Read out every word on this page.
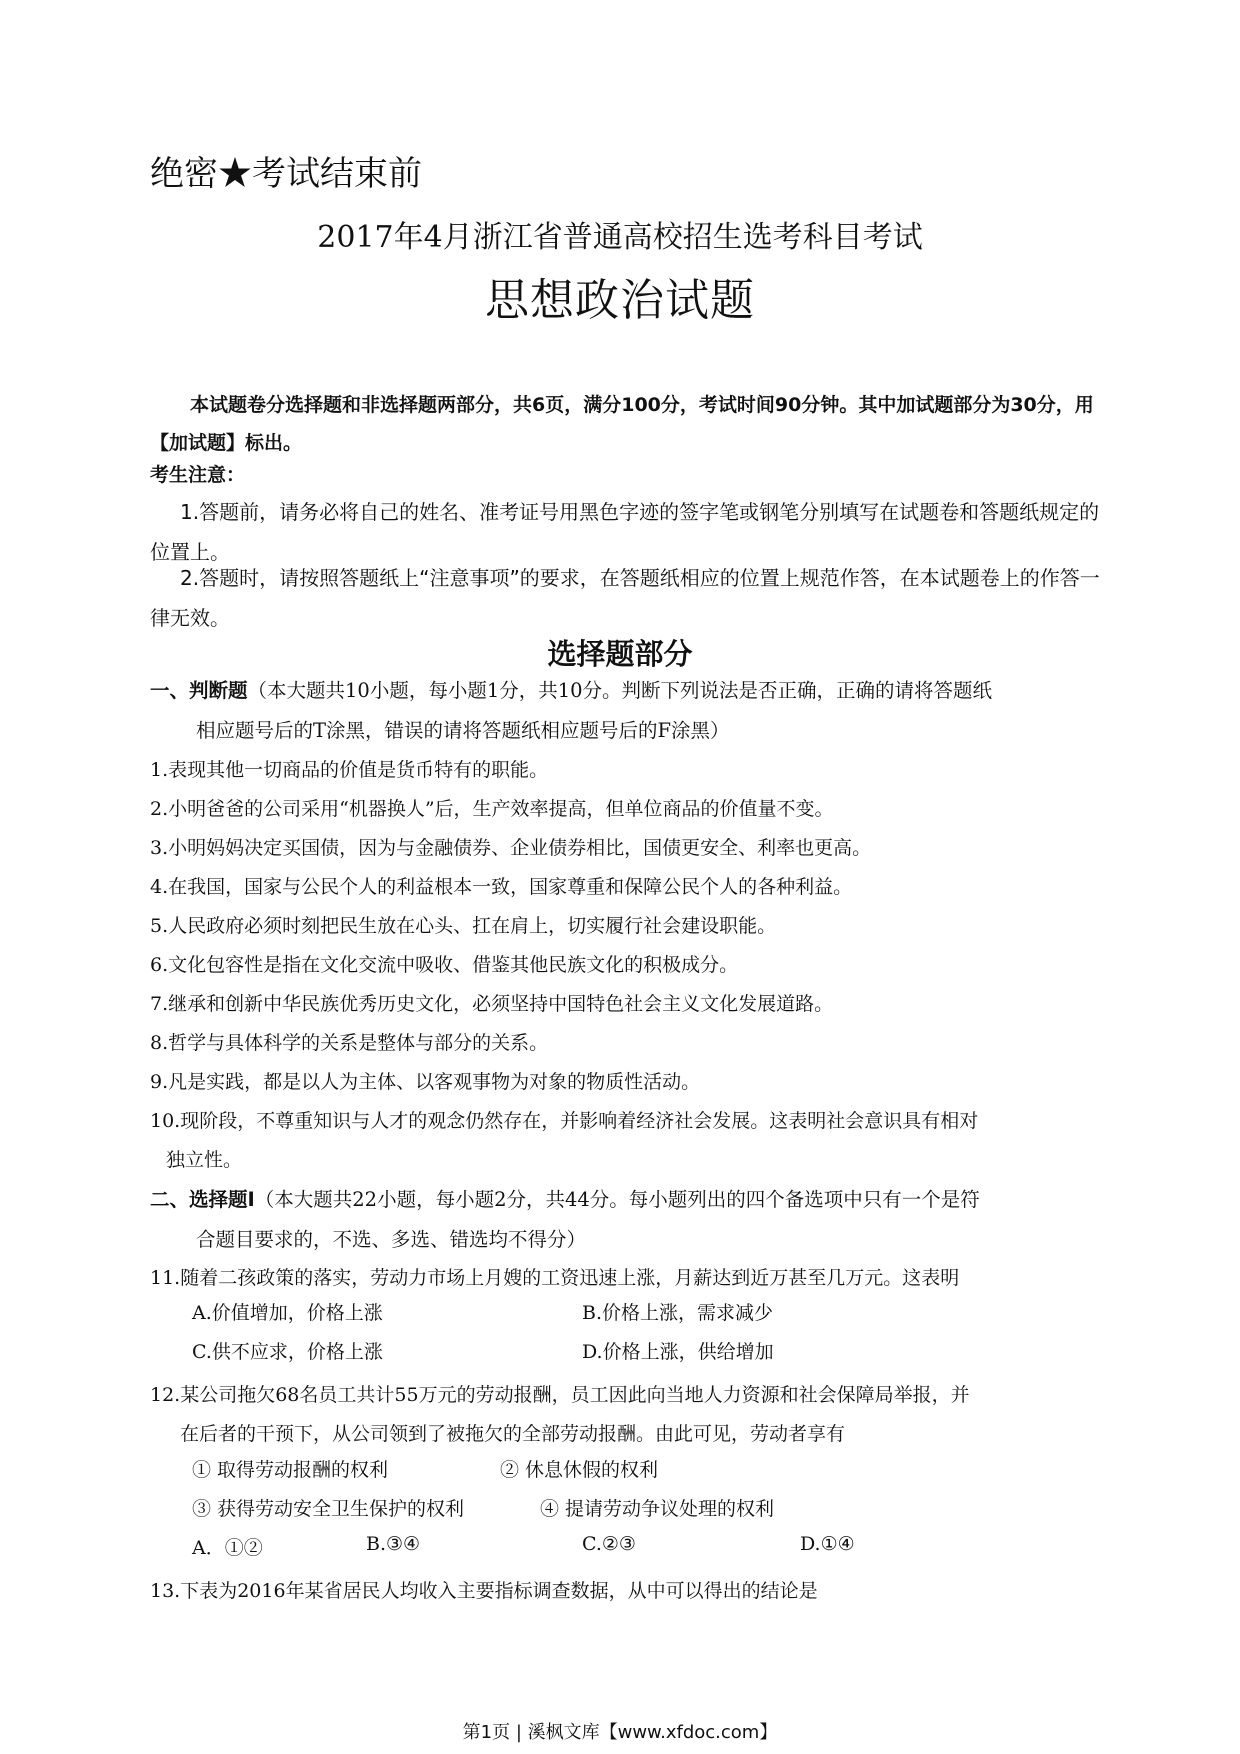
绝密★考试结束前
2017年4月浙江省普通高校招生选考科目考试
思想政治试题
本试题卷分选择题和非选择题两部分，共6页，满分100分，考试时间90分钟。其中加试题部分为30分，用【加试题】标出。
考生注意：
1.答题前，请务必将自己的姓名、准考证号用黑色字迹的签字笔或钢笔分别填写在试题卷和答题纸规定的位置上。
2.答题时，请按照答题纸上“注意事项”的要求，在答题纸相应的位置上规范作答，在本试题卷上的作答一律无效。
选择题部分
一、判断题（本大题共10小题，每小题1分，共10分。判断下列说法是否正确，正确的请将答题纸
相应题号后的T涂黑，错误的请将答题纸相应题号后的F涂黑）
1.表现其他一切商品的价值是货币特有的职能。
2.小明爸爸的公司采用“机器换人”后，生产效率提高，但单位商品的价值量不变。
3.小明妈妈决定买国债，因为与金融债券、企业债券相比，国债更安全、利率也更高。
4.在我国，国家与公民个人的利益根本一致，国家尊重和保障公民个人的各种利益。
5.人民政府必须时刻把民生放在心头、扛在肩上，切实履行社会建设职能。
6.文化包容性是指在文化交流中吸收、借鉴其他民族文化的积极成分。
7.继承和创新中华民族优秀历史文化，必须坚持中国特色社会主义文化发展道路。
8.哲学与具体科学的关系是整体与部分的关系。
9.凡是实践，都是以人为主体、以客观事物为对象的物质性活动。
10.现阶段，不尊重知识与人才的观念仍然存在，并影响着经济社会发展。这表明社会意识具有相对
独立性。
二、选择题Ⅰ（本大题共22小题，每小题2分，共44分。每小题列出的四个备选项中只有一个是符
合题目要求的，不选、多选、错选均不得分）
11.随着二孩政策的落实，劳动力市场上月嫂的工资迅速上涨，月薪达到近万甚至几万元。这表明
A.价值增加，价格上涨	B.价格上涨，需求减少
C.供不应求，价格上涨	D.价格上涨，供给增加
12.某公司拖欠68名员工共计55万元的劳动报酬，员工因此向当地人力资源和社会保障局举报，并
在后者的干预下，从公司领到了被拖欠的全部劳动报酬。由此可见，劳动者享有
① 取得劳动报酬的权利	② 休息休假的权利
③ 获得劳动安全卫生保护的权利	④ 提请劳动争议处理的权利
A．①②	B.③④	C.②③	D.①④
13.下表为2016年某省居民人均收入主要指标调查数据，从中可以得出的结论是
第1页 | 溪枫文库【www.xfdoc.com】
